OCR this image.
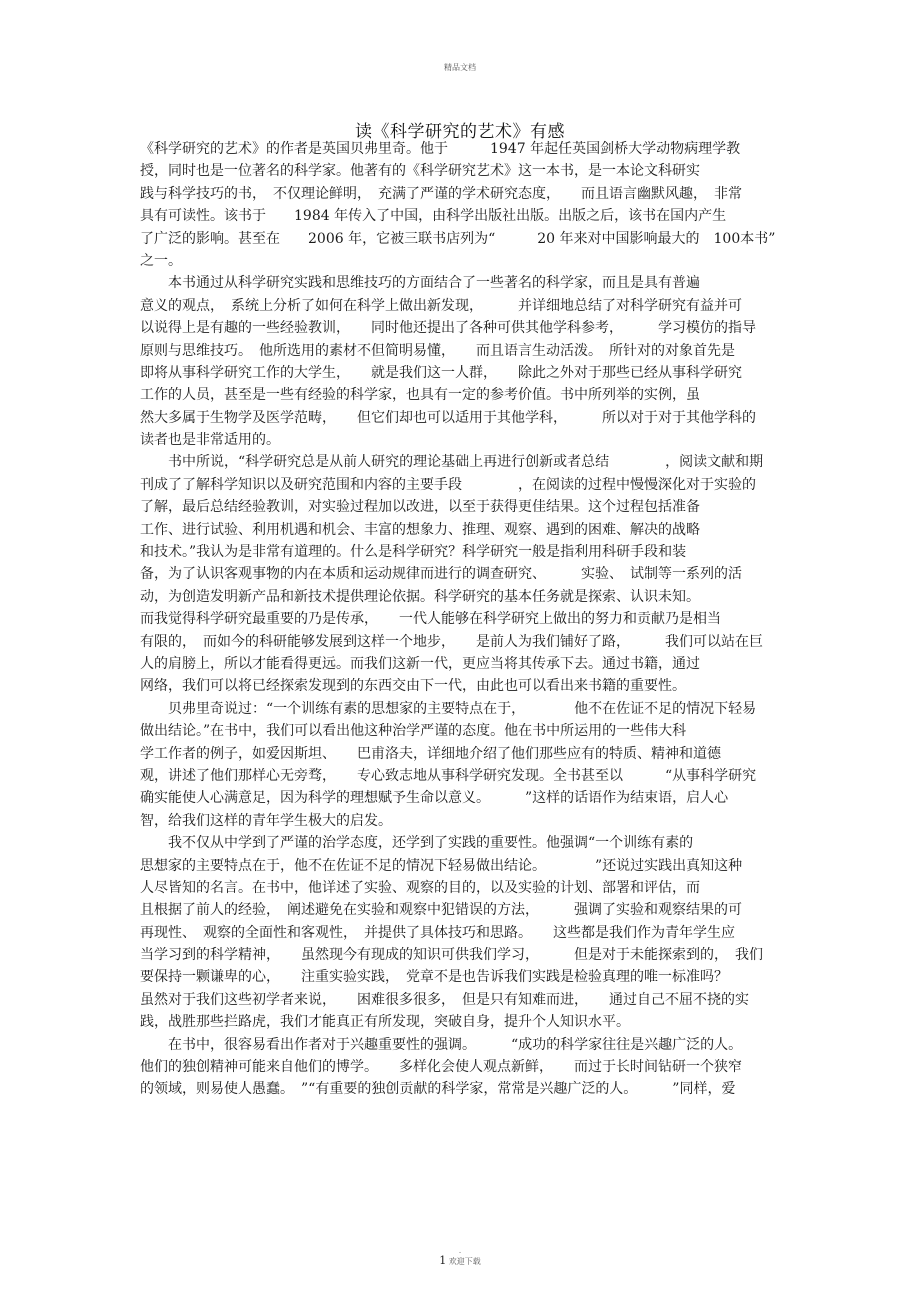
精品文档
读《科学研究的艺术》有感
《科学研究的艺术》的作者是英国贝弗里奇。他于　　　1947 年起任英国剑桥大学动物病理学教
授，同时也是一位著名的科学家。他著有的《科学研究艺术》这一本书，是一本论文科研实
践与科学技巧的书，　不仅理论鲜明，　充满了严谨的学术研究态度，　　而且语言幽默风趣，　非常
具有可读性。该书于　　1984 年传入了中国，由科学出版社出版。出版之后，该书在国内产生
了广泛的影响。甚至在　　2006 年，它被三联书店列为“　　　20 年来对中国影响最大的　100本书”
之一。
　　本书通过从科学研究实践和思维技巧的方面结合了一些著名的科学家，而且是具有普遍
意义的观点，　系统上分析了如何在科学上做出新发现，　　　并详细地总结了对科学研究有益并可
以说得上是有趣的一些经验教训，　　同时他还提出了各种可供其他学科参考，　　　学习模仿的指导
原则与思维技巧。　他所选用的素材不但简明易懂，　　而且语言生动活泼。　所针对的对象首先是
即将从事科学研究工作的大学生，　　就是我们这一人群，　　除此之外对于那些已经从事科学研究
工作的人员，甚至是一些有经验的科学家，也具有一定的参考价值。书中所列举的实例，虽
然大多属于生物学及医学范畴，　　但它们却也可以适用于其他学科，　　　所以对于对于其他学科的
读者也是非常适用的。
　　书中所说，“科学研究总是从前人研究的理论基础上再进行创新或者总结　　　　，阅读文献和期
刊成了了解科学知识以及研究范围和内容的主要手段　　　　，在阅读的过程中慢慢深化对于实验的
了解，最后总结经验教训，对实验过程加以改进，以至于获得更佳结果。这个过程包括准备
工作、进行试验、利用机遇和机会、丰富的想象力、推理、观察、遇到的困难、解决的战略
和技术。”我认为是非常有道理的。什么是科学研究？科学研究一般是指利用科研手段和装
备，为了认识客观事物的内在本质和运动规律而进行的调查研究、　　　实验、　试制等一系列的活
动，为创造发明新产品和新技术提供理论依据。科学研究的基本任务就是探索、认识未知。
而我觉得科学研究最重要的乃是传承，　　一代人能够在科学研究上做出的努力和贡献乃是相当
有限的，　而如今的科研能够发展到这样一个地步，　　是前人为我们铺好了路，　　　我们可以站在巨
人的肩膀上，所以才能看得更远。而我们这新一代，更应当将其传承下去。通过书籍，通过
网络，我们可以将已经探索发现到的东西交由下一代，由此也可以看出来书籍的重要性。
　　贝弗里奇说过：“一个训练有素的思想家的主要特点在于，　　　　他不在佐证不足的情况下轻易
做出结论。”在书中，我们可以看出他这种治学严谨的态度。他在书中所运用的一些伟大科
学工作者的例子，如爱因斯坦、　　巴甫洛夫，详细地介绍了他们那些应有的特质、精神和道德
观，讲述了他们那样心无旁骛，　　专心致志地从事科学研究发现。全书甚至以　　　“从事科学研究
确实能使人心满意足，因为科学的理想赋予生命以意义。　　　”这样的话语作为结束语，启人心
智，给我们这样的青年学生极大的启发。
　　我不仅从中学到了严谨的治学态度，还学到了实践的重要性。他强调“一个训练有素的
思想家的主要特点在于，他不在佐证不足的情况下轻易做出结论。　　　　”还说过实践出真知这种
人尽皆知的名言。在书中，他详述了实验、观察的目的，以及实验的计划、部署和评估，而
且根据了前人的经验，　阐述避免在实验和观察中犯错误的方法，　　　强调了实验和观察结果的可
再现性、　观察的全面性和客观性，　并提供了具体技巧和思路。　　这些都是我们作为青年学生应
当学习到的科学精神，　　虽然现今有现成的知识可供我们学习，　　　但是对于未能探索到的，　我们
要保持一颗谦卑的心，　　注重实验实践，　党章不是也告诉我们实践是检验真理的唯一标准吗？
虽然对于我们这些初学者来说，　　困难很多很多，　但是只有知难而进，　　通过自己不屈不挠的实
践，战胜那些拦路虎，我们才能真正有所发现，突破自身，提升个人知识水平。
　　在书中，很容易看出作者对于兴趣重要性的强调。　　　“成功的科学家往往是兴趣广泛的人。
他们的独创精神可能来自他们的博学。　　多样化会使人观点新鲜，　　而过于长时间钻研一个狭窄
的领域，则易使人愚蠢。　”“有重要的独创贡献的科学家，常常是兴趣广泛的人。　　　”同样，爱
.
1 欢迎下载
